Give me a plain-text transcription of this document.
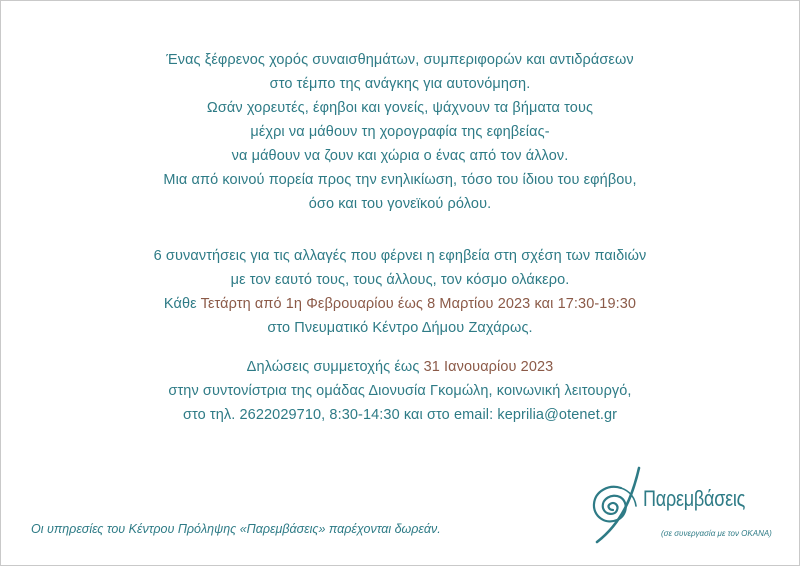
Ένας ξέφρενος χορός συναισθημάτων, συμπεριφορών και αντιδράσεων
στο τέμπο της ανάγκης για αυτονόμηση.
Ωσάν χορευτές, έφηβοι και γονείς, ψάχνουν τα βήματα τους
μέχρι να μάθουν τη χορογραφία της εφηβείας-
να μάθουν να ζουν και χώρια ο ένας από τον άλλον.
Μια από κοινού πορεία προς την ενηλικίωση, τόσο του ίδιου του εφήβου,
όσο και του γονεϊκού ρόλου.
6 συναντήσεις για τις αλλαγές που φέρνει η εφηβεία στη σχέση των παιδιών
με τον εαυτό τους, τους άλλους, τον κόσμο ολάκερο.
Κάθε Τετάρτη από 1η Φεβρουαρίου έως 8 Μαρτίου 2023 και 17:30-19:30
στο Πνευματικό Κέντρο Δήμου Ζαχάρως.
Δηλώσεις συμμετοχής έως 31 Ιανουαρίου 2023
στην συντονίστρια της ομάδας Διονυσία Γκομώλη, κοινωνική λειτουργό,
στο τηλ. 2622029710, 8:30-14:30 και στο email: keprilia@otenet.gr
Οι υπηρεσίες του Κέντρου Πρόληψης «Παρεμβάσεις» παρέχονται δωρεάν.
Παρεμβάσεις
(σε συνεργασία με τον ΟΚΑΝΑ)
